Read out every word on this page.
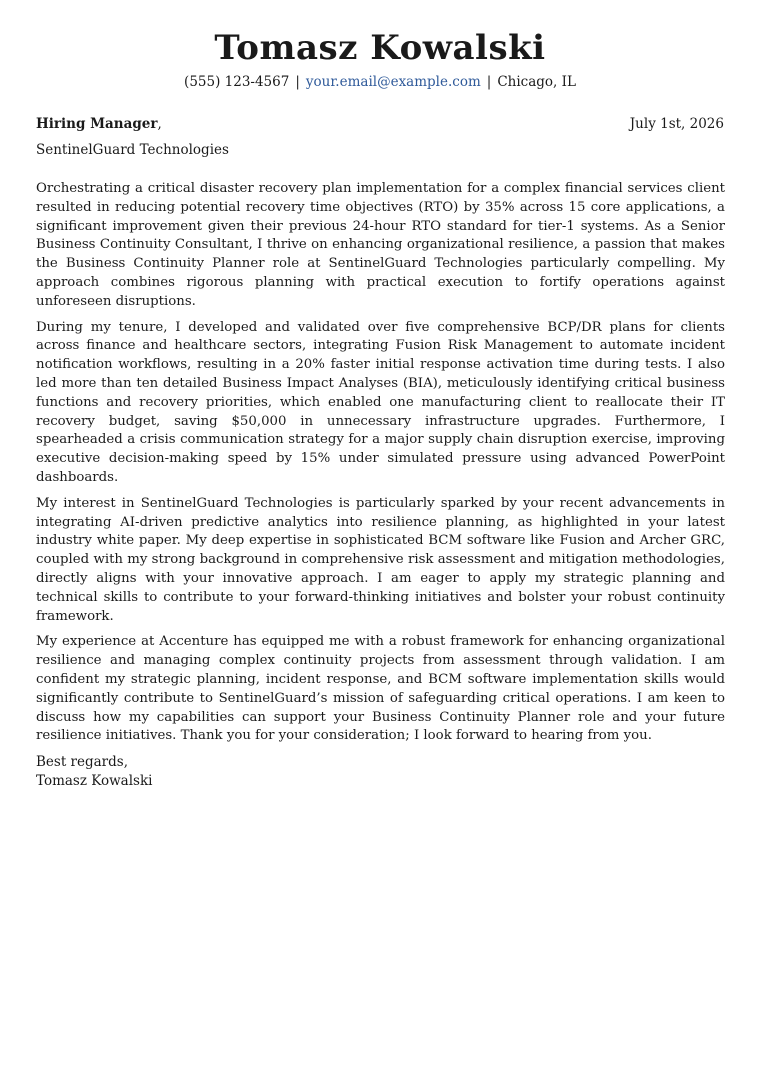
Tomasz Kowalski
(555) 123-4567 | your.email@example.com | Chicago, IL
Hiring Manager,	July 1st, 2026
SentinelGuard Technologies

Orchestrating a critical disaster recovery plan implementation for a complex financial services client resulted in reducing potential recovery time objectives (RTO) by 35% across 15 core applications, a significant improvement given their previous 24-hour RTO standard for tier-1 systems. As a Senior Business Continuity Consultant, I thrive on enhancing organizational resilience, a passion that makes the Business Continuity Planner role at SentinelGuard Technologies particularly compelling. My approach combines rigorous planning with practical execution to fortify operations against unforeseen disruptions.

During my tenure, I developed and validated over five comprehensive BCP/DR plans for clients across finance and healthcare sectors, integrating Fusion Risk Management to automate incident notification workflows, resulting in a 20% faster initial response activation time during tests. I also led more than ten detailed Business Impact Analyses (BIA), meticulously identifying critical business functions and recovery priorities, which enabled one manufacturing client to reallocate their IT recovery budget, saving $50,000 in unnecessary infrastructure upgrades. Furthermore, I spearheaded a crisis communication strategy for a major supply chain disruption exercise, improving executive decision-making speed by 15% under simulated pressure using advanced PowerPoint dashboards.

My interest in SentinelGuard Technologies is particularly sparked by your recent advancements in integrating AI-driven predictive analytics into resilience planning, as highlighted in your latest industry white paper. My deep expertise in sophisticated BCM software like Fusion and Archer GRC, coupled with my strong background in comprehensive risk assessment and mitigation methodologies, directly aligns with your innovative approach. I am eager to apply my strategic planning and technical skills to contribute to your forward-thinking initiatives and bolster your robust continuity framework.

My experience at Accenture has equipped me with a robust framework for enhancing organizational resilience and managing complex continuity projects from assessment through validation. I am confident my strategic planning, incident response, and BCM software implementation skills would significantly contribute to SentinelGuard’s mission of safeguarding critical operations. I am keen to discuss how my capabilities can support your Business Continuity Planner role and your future resilience initiatives. Thank you for your consideration; I look forward to hearing from you.

Best regards,
Tomasz Kowalski
